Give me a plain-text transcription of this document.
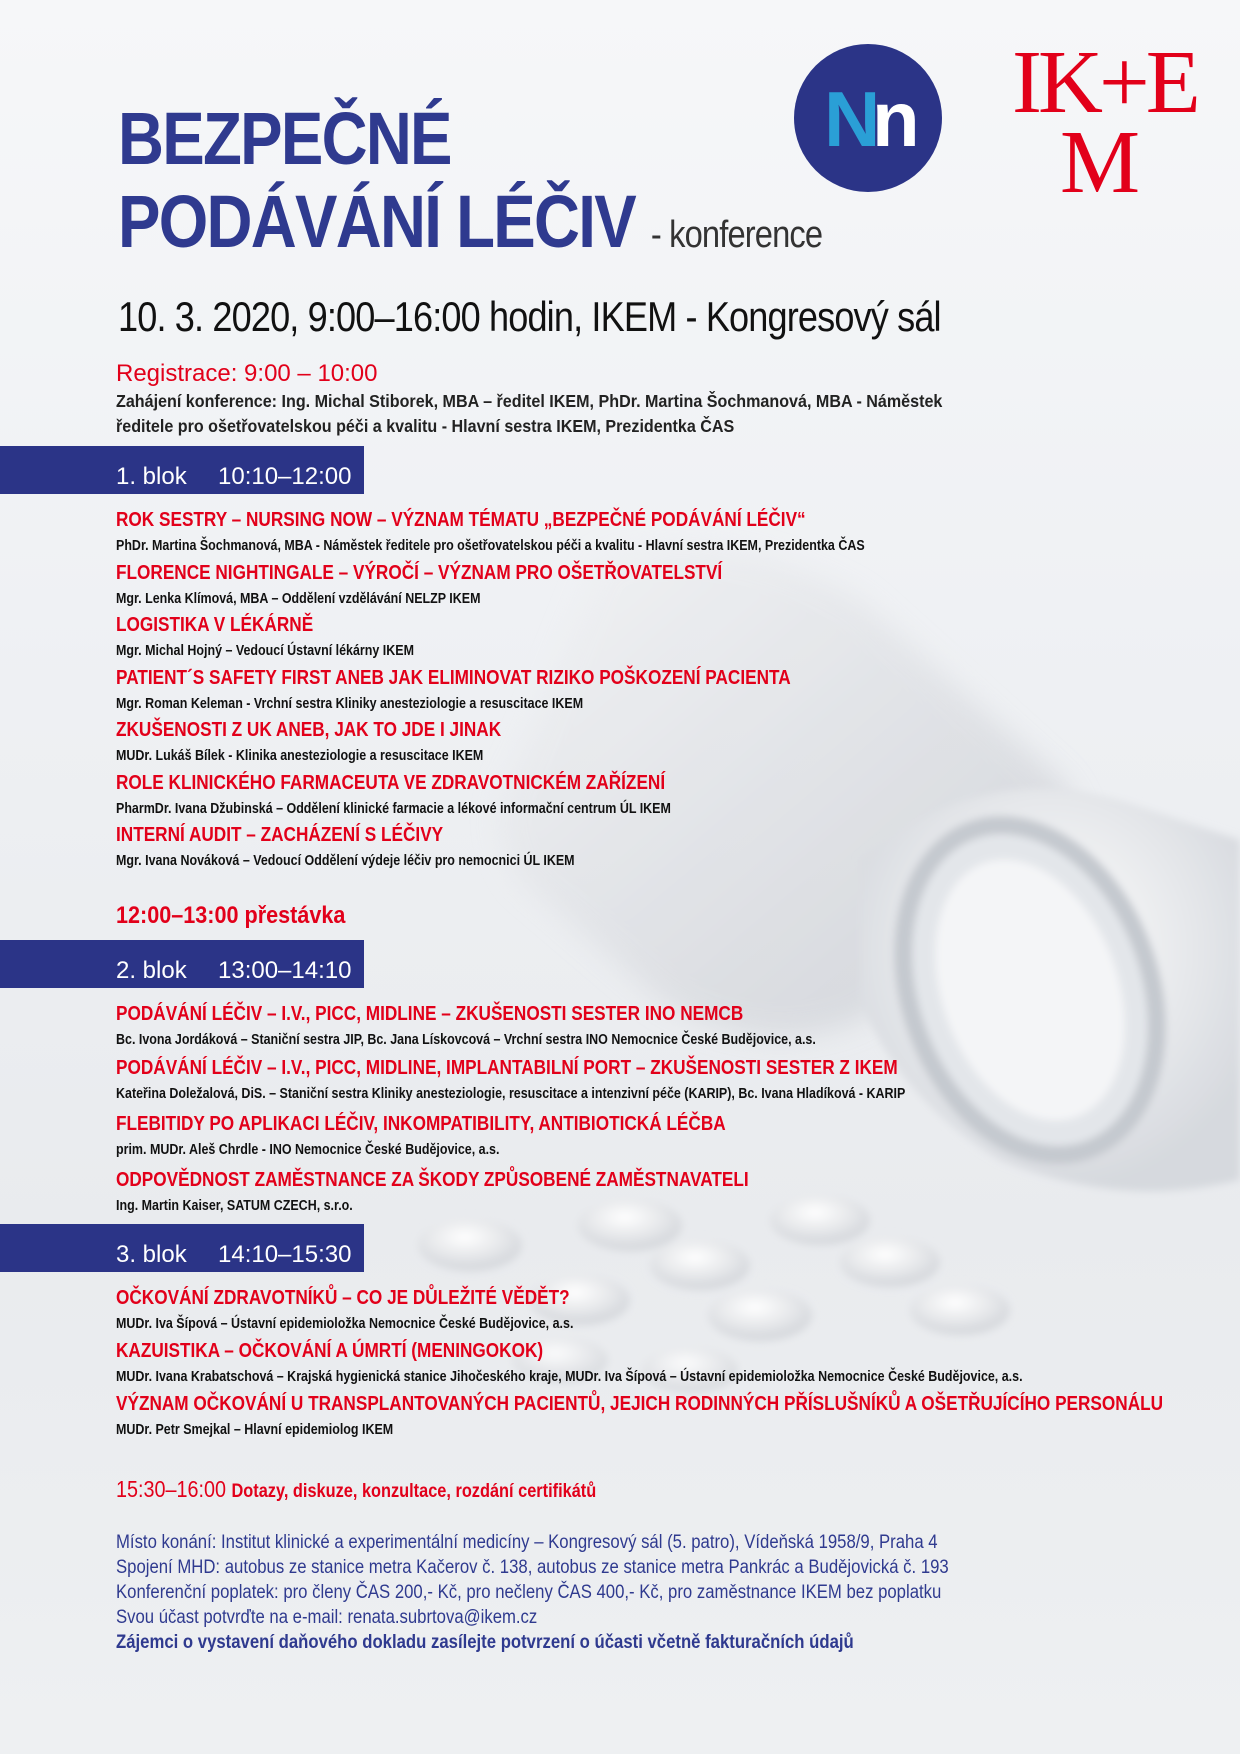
BEZPEČNÉ
PODÁVÁNÍ LÉČIV - konference
N
n IK+E
M
10. 3. 2020, 9:00–16:00 hodin, IKEM - Kongresový sál
Registrace: 9:00 – 10:00
Zahájení konference: Ing. Michal Stiborek, MBA – ředitel IKEM, PhDr. Martina Šochmanová, MBA - Náměstek ředitele pro ošetřovatelskou péči a kvalitu - Hlavní sestra IKEM, Prezidentka ČAS
1. blok 10:10–12:00
ROK SESTRY – NURSING NOW – VÝZNAM TÉMATU „BEZPEČNÉ PODÁVÁNÍ LÉČIV“
PhDr. Martina Šochmanová, MBA - Náměstek ředitele pro ošetřovatelskou péči a kvalitu - Hlavní sestra IKEM, Prezidentka ČAS
FLORENCE NIGHTINGALE – VÝROČÍ – VÝZNAM PRO OŠETŘOVATELSTVÍ
Mgr. Lenka Klímová, MBA – Oddělení vzdělávání NELZP IKEM
LOGISTIKA V LÉKÁRNĚ
Mgr. Michal Hojný – Vedoucí Ústavní lékárny IKEM
PATIENT´S SAFETY FIRST ANEB JAK ELIMINOVAT RIZIKO POŠKOZENÍ PACIENTA
Mgr. Roman Keleman - Vrchní sestra Kliniky anesteziologie a resuscitace IKEM
ZKUŠENOSTI Z UK ANEB, JAK TO JDE I JINAK
MUDr. Lukáš Bílek - Klinika anesteziologie a resuscitace IKEM
ROLE KLINICKÉHO FARMACEUTA VE ZDRAVOTNICKÉM ZAŘÍZENÍ
PharmDr. Ivana Džubinská – Oddělení klinické farmacie a lékové informační centrum ÚL IKEM
INTERNÍ AUDIT – ZACHÁZENÍ S LÉČIVY
Mgr. Ivana Nováková – Vedoucí Oddělení výdeje léčiv pro nemocnici ÚL IKEM
12:00–13:00 přestávka
2. blok 13:00–14:10
PODÁVÁNÍ LÉČIV – I.V., PICC, MIDLINE – ZKUŠENOSTI SESTER INO NEMCB
Bc. Ivona Jordáková – Staniční sestra JIP, Bc. Jana Lískovcová – Vrchní sestra INO Nemocnice České Budějovice, a.s.
PODÁVÁNÍ LÉČIV – I.V., PICC, MIDLINE, IMPLANTABILNÍ PORT – ZKUŠENOSTI SESTER Z IKEM
Kateřina Doležalová, DiS. – Staniční sestra Kliniky anesteziologie, resuscitace a intenzivní péče (KARIP), Bc. Ivana Hladíková - KARIP
FLEBITIDY PO APLIKACI LÉČIV, INKOMPATIBILITY, ANTIBIOTICKÁ LÉČBA
prim. MUDr. Aleš Chrdle - INO Nemocnice České Budějovice, a.s.
ODPOVĚDNOST ZAMĚSTNANCE ZA ŠKODY ZPŮSOBENÉ ZAMĚSTNAVATELI
Ing. Martin Kaiser, SATUM CZECH, s.r.o.
3. blok 14:10–15:30
OČKOVÁNÍ ZDRAVOTNÍKŮ – CO JE DŮLEŽITÉ VĚDĚT?
MUDr. Iva Šípová – Ústavní epidemioložka Nemocnice České Budějovice, a.s.
KAZUISTIKA – OČKOVÁNÍ A ÚMRTÍ (MENINGOKOK)
MUDr. Ivana Krabatschová – Krajská hygienická stanice Jihočeského kraje, MUDr. Iva Šípová – Ústavní epidemioložka Nemocnice České Budějovice, a.s.
VÝZNAM OČKOVÁNÍ U TRANSPLANTOVANÝCH PACIENTŮ, JEJICH RODINNÝCH PŘÍSLUŠNÍKŮ A OŠETŘUJÍCÍHO PERSONÁLU
MUDr. Petr Smejkal – Hlavní epidemiolog IKEM
15:30–16:00 Dotazy, diskuze, konzultace, rozdání certifikátů
Místo konání: Institut klinické a experimentální medicíny – Kongresový sál (5. patro), Vídeňská 1958/9, Praha 4
Spojení MHD: autobus ze stanice metra Kačerov č. 138, autobus ze stanice metra Pankrác a Budějovická č. 193
Konferenční poplatek: pro členy ČAS 200,- Kč, pro nečleny ČAS 400,- Kč, pro zaměstnance IKEM bez poplatku
Svou účast potvrďte na e-mail: renata.subrtova@ikem.cz
Zájemci o vystavení daňového dokladu zasílejte potvrzení o účasti včetně fakturačních údajů
